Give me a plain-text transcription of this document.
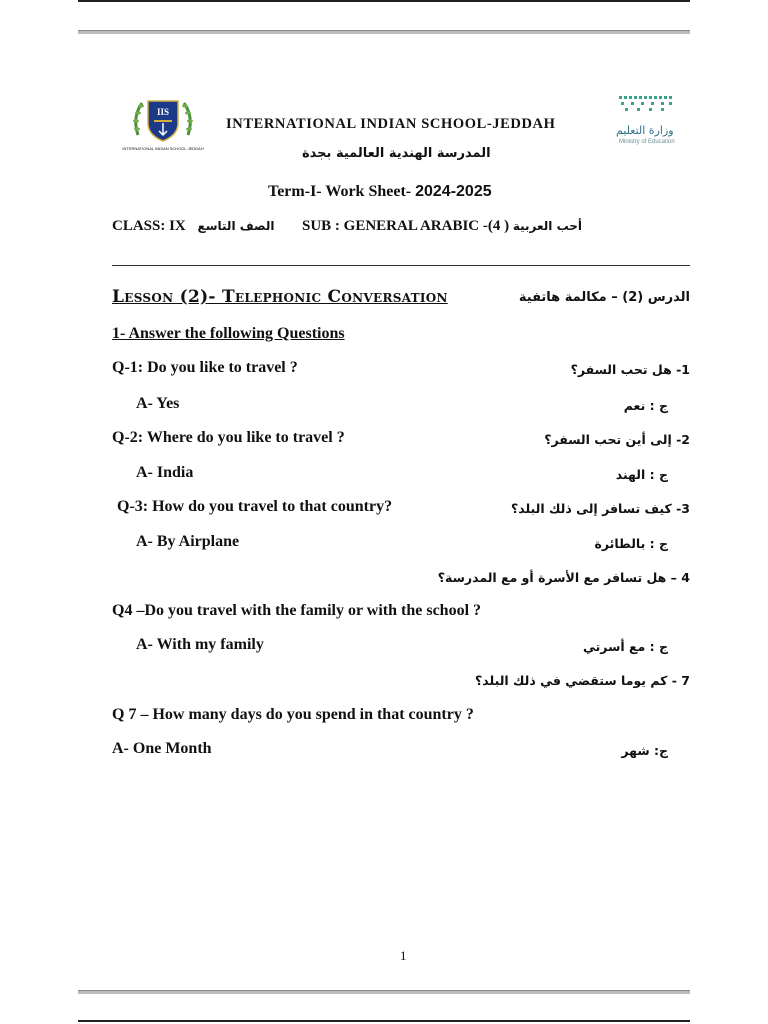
IIS
INTERNATIONAL INDIAN SCHOOL JEDDAH
وزارة التعليم
Ministry of Education
INTERNATIONAL INDIAN SCHOOL-JEDDAH
المدرسة الهندية العالمية بجدة
Term-I- Work Sheet- 2024-2025
CLASS: IX الصف التاسع SUB : GENERAL ARABIC -(4 ) أحب العربية
Lesson (2)- Telephonic Conversation	الدرس (2) – مكالمة هاتفية
1- Answer the following Questions
Q-1: Do you like to travel ?	1- هل تحب السفر؟
A- Yes	ج : نعم
Q-2: Where do you like to travel ?	2- إلى أين تحب السفر؟
A- India	ج : الهند
Q-3: How do you travel to that country?	3- كيف تسافر إلى ذلك البلد؟
A- By Airplane	ج : بالطائرة
4 – هل تسافر مع الأسرة أو مع المدرسة؟
Q4 –Do you travel with the family or with the school ?
A- With my family	ج : مع أسرتي
7 - كم يوما ستقضي في ذلك البلد؟
Q 7 – How many days do you spend in that country ?
A- One Month	ج: شهر
1
